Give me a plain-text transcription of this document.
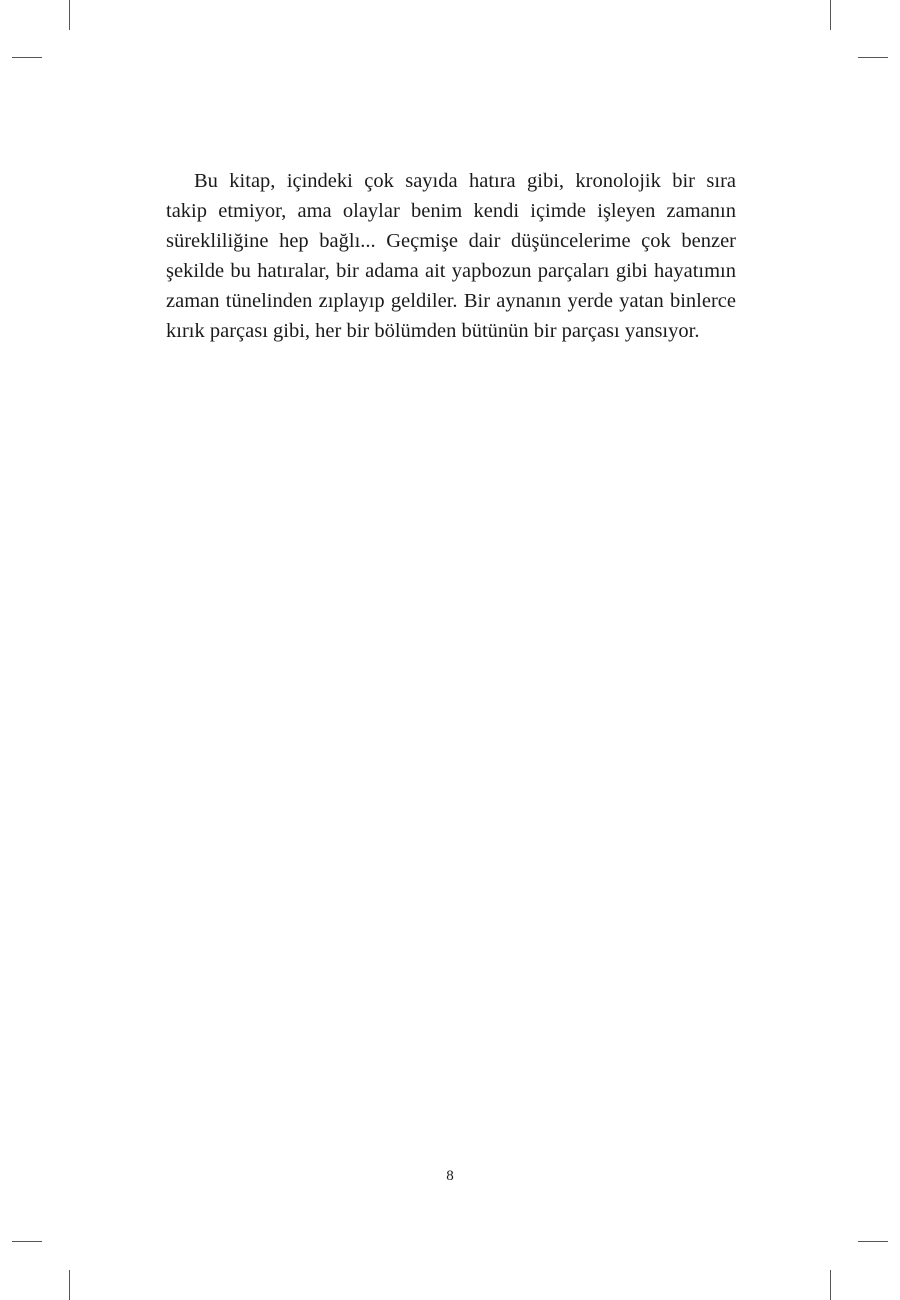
Bu kitap, içindeki çok sayıda hatıra gibi, kronolojik bir sıra
takip etmiyor, ama olaylar benim kendi içimde işleyen zamanın
sürekliliğine hep bağlı... Geçmişe dair düşüncelerime çok benzer
şekilde bu hatıralar, bir adama ait yapbozun parçaları gibi hayatımın
zaman tünelinden zıplayıp geldiler. Bir aynanın yerde yatan binlerce
kırık parçası gibi, her bir bölümden bütünün bir parçası yansıyor.
8
